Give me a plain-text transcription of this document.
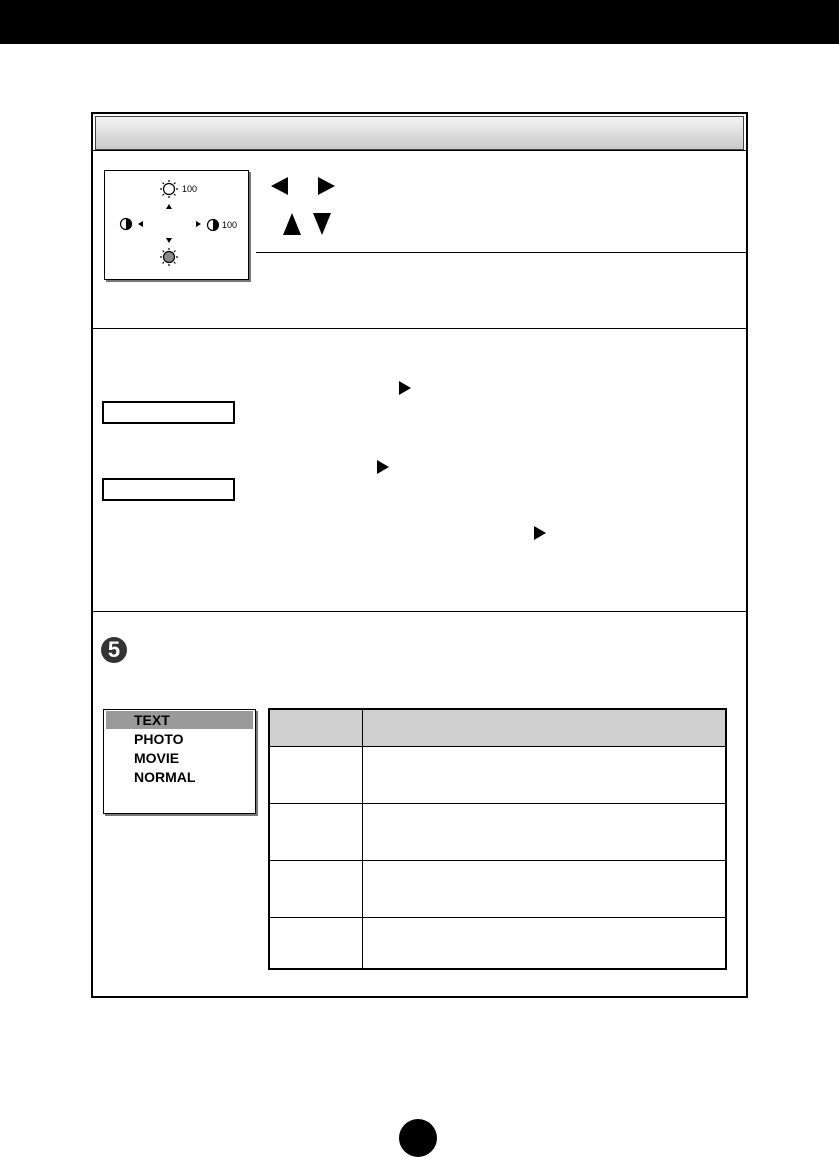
100
100
5
TEXT
PHOTO
MOVIE
NORMAL
